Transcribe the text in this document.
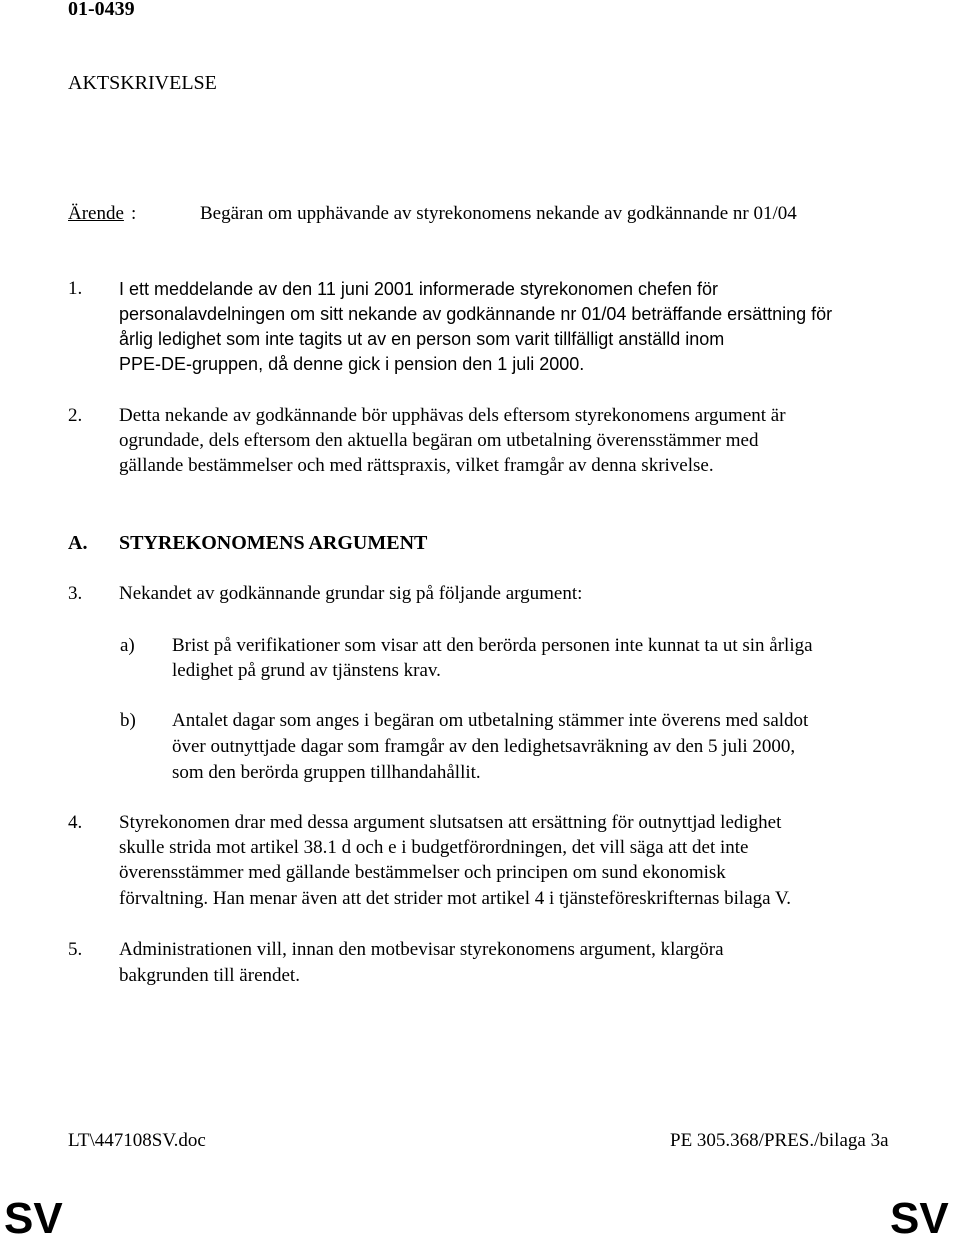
01-0439
AKTSKRIVELSE
Ärende :	Begäran om upphävande av styrekonomens nekande av godkännande nr 01/04
1. I ett meddelande av den 11 juni 2001 informerade styrekonomen chefen för
personalavdelningen om sitt nekande av godkännande nr 01/04 beträffande ersättning för
årlig ledighet som inte tagits ut av en person som varit tillfälligt anställd inom
PPE-DE-gruppen, då denne gick i pension den 1 juli 2000.
2. Detta nekande av godkännande bör upphävas dels eftersom styrekonomens argument är
ogrundade, dels eftersom den aktuella begäran om utbetalning överensstämmer med
gällande bestämmelser och med rättspraxis, vilket framgår av denna skrivelse.
A. STYREKONOMENS ARGUMENT
3. Nekandet av godkännande grundar sig på följande argument:
a) Brist på verifikationer som visar att den berörda personen inte kunnat ta ut sin årliga
ledighet på grund av tjänstens krav.
b) Antalet dagar som anges i begäran om utbetalning stämmer inte överens med saldot
över outnyttjade dagar som framgår av den ledighetsavräkning av den 5 juli 2000,
som den berörda gruppen tillhandahållit.
4. Styrekonomen drar med dessa argument slutsatsen att ersättning för outnyttjad ledighet
skulle strida mot artikel 38.1 d och e i budgetförordningen, det vill säga att det inte
överensstämmer med gällande bestämmelser och principen om sund ekonomisk
förvaltning. Han menar även att det strider mot artikel 4 i tjänsteföreskrifternas bilaga V.
5. Administrationen vill, innan den motbevisar styrekonomens argument, klargöra
bakgrunden till ärendet.
LT\447108SV.doc	PE 305.368/PRES./bilaga 3a
SV	SV
